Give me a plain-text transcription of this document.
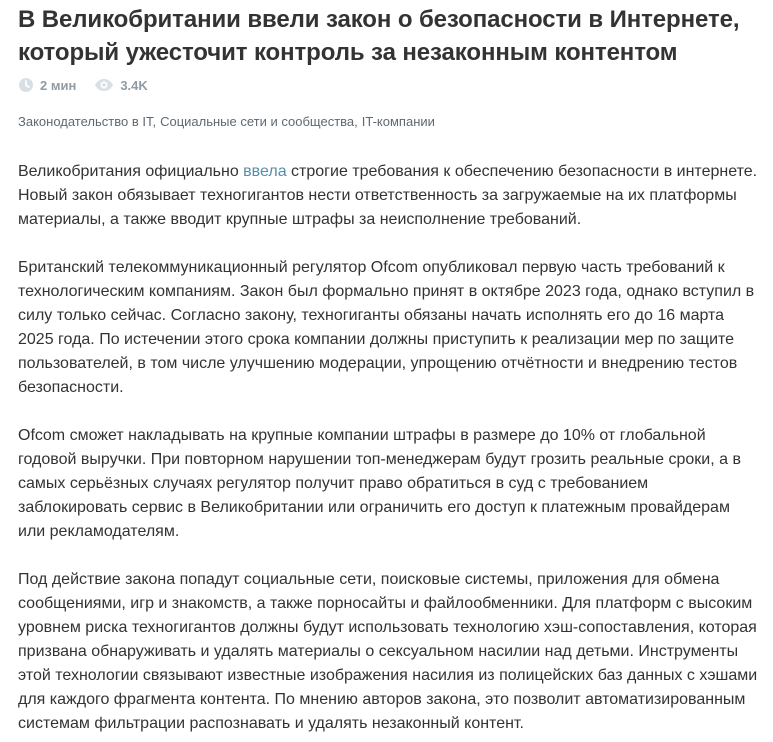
В Великобритании ввели закон о безопасности в Интернете, который ужесточит контроль за незаконным контентом
2 мин	3.4K
Законодательство в IT, Социальные сети и сообщества, IT-компании

Великобритания официально ввела строгие требования к обеспечению безопасности в интернете. Новый закон обязывает техногигантов нести ответственность за загружаемые на их платформы материалы, а также вводит крупные штрафы за неисполнение требований.

Британский телекоммуникационный регулятор Ofcom опубликовал первую часть требований к технологическим компаниям. Закон был формально принят в октябре 2023 года, однако вступил в силу только сейчас. Согласно закону, техногиганты обязаны начать исполнять его до 16 марта 2025 года. По истечении этого срока компании должны приступить к реализации мер по защите пользователей, в том числе улучшению модерации, упрощению отчётности и внедрению тестов безопасности.

Ofcom сможет накладывать на крупные компании штрафы в размере до 10% от глобальной годовой выручки. При повторном нарушении топ-менеджерам будут грозить реальные сроки, а в самых серьёзных случаях регулятор получит право обратиться в суд с требованием заблокировать сервис в Великобритании или ограничить его доступ к платежным провайдерам или рекламодателям.

Под действие закона попадут социальные сети, поисковые системы, приложения для обмена сообщениями, игр и знакомств, а также порносайты и файлообменники. Для платформ с высоким уровнем риска техногигантов должны будут использовать технологию хэш-сопоставления, которая призвана обнаруживать и удалять материалы о сексуальном насилии над детьми. Инструменты этой технологии связывают известные изображения насилия из полицейских баз данных с хэшами для каждого фрагмента контента. По мнению авторов закона, это позволит автоматизированным системам фильтрации распознавать и удалять незаконный контент.
